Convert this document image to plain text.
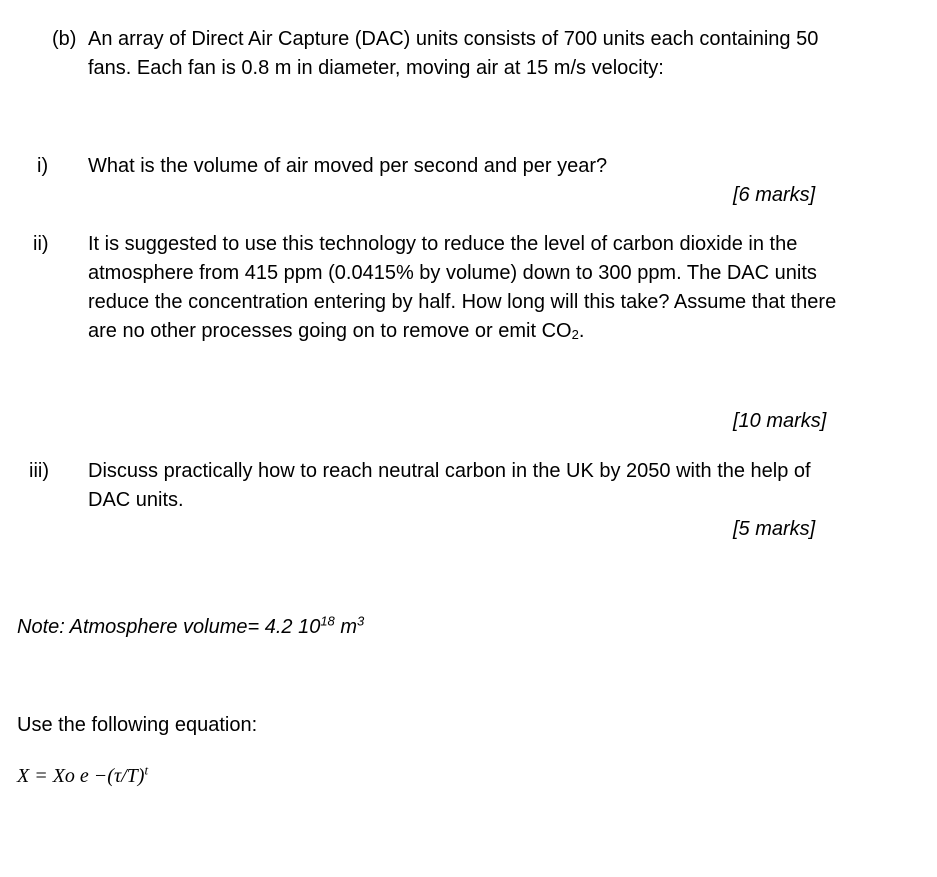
(b) An array of Direct Air Capture (DAC) units consists of 700 units each containing 50
fans. Each fan is 0.8 m in diameter, moving air at 15 m/s velocity:
i) What is the volume of air moved per second and per year?
[6 marks]
ii) It is suggested to use this technology to reduce the level of carbon dioxide in the
atmosphere from 415 ppm (0.0415% by volume) down to 300 ppm. The DAC units
reduce the concentration entering by half. How long will this take? Assume that there
are no other processes going on to remove or emit $CO_2$.
[10 marks]
iii) Discuss practically how to reach neutral carbon in the UK by 2050 with the help of
DAC units.
[5 marks]
Note: Atmosphere volume= 4.2 $10^{18}$ $m^3$
Use the following equation:
X = Xo $e -(\tau/T)^t$
